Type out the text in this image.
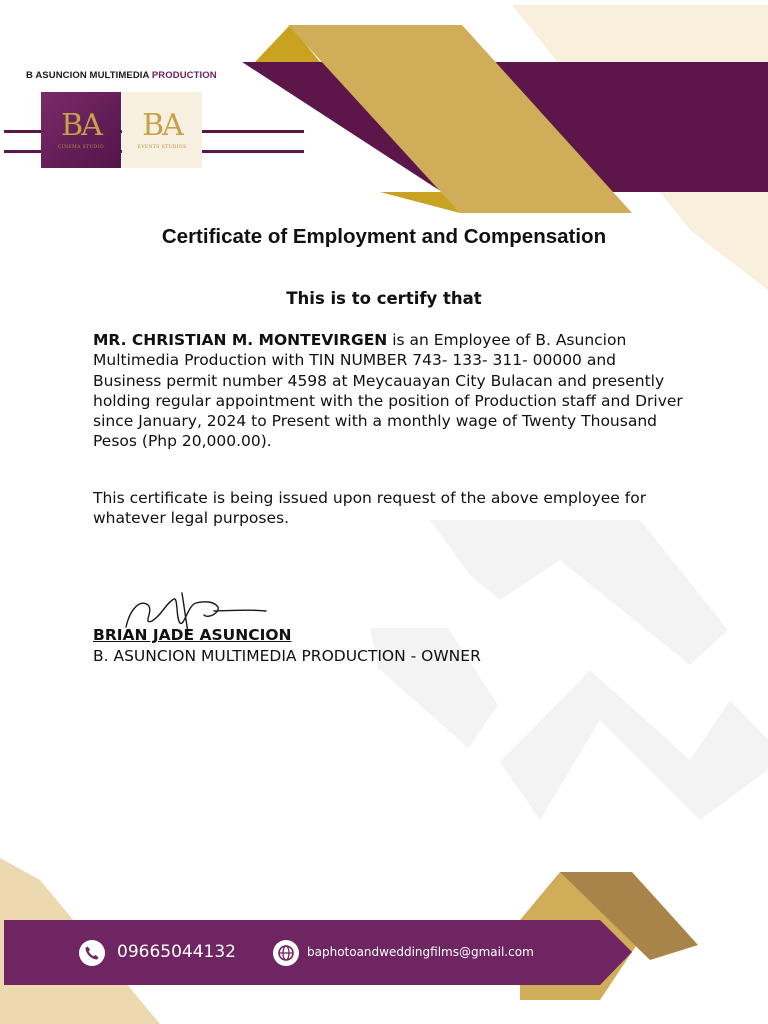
B ASUNCION MULTIMEDIA PRODUCTION
BA
CINEMA STUDIO
BA
EVENTS STUDIOS
Certificate of Employment and Compensation
This is to certify that
MR. CHRISTIAN M. MONTEVIRGEN is an Employee of B. Asuncion Multimedia Production with TIN NUMBER 743- 133- 311- 00000 and Business permit number 4598 at Meycauayan City Bulacan and presently holding regular appointment with the position of Production staff and Driver since January, 2024 to Present with a monthly wage of Twenty Thousand Pesos (Php 20,000.00).
This certificate is being issued upon request of the above employee for whatever legal purposes.
BRIAN JADE ASUNCION
B. ASUNCION MULTIMEDIA PRODUCTION - OWNER
09665044132	baphotoandweddingfilms@gmail.com
